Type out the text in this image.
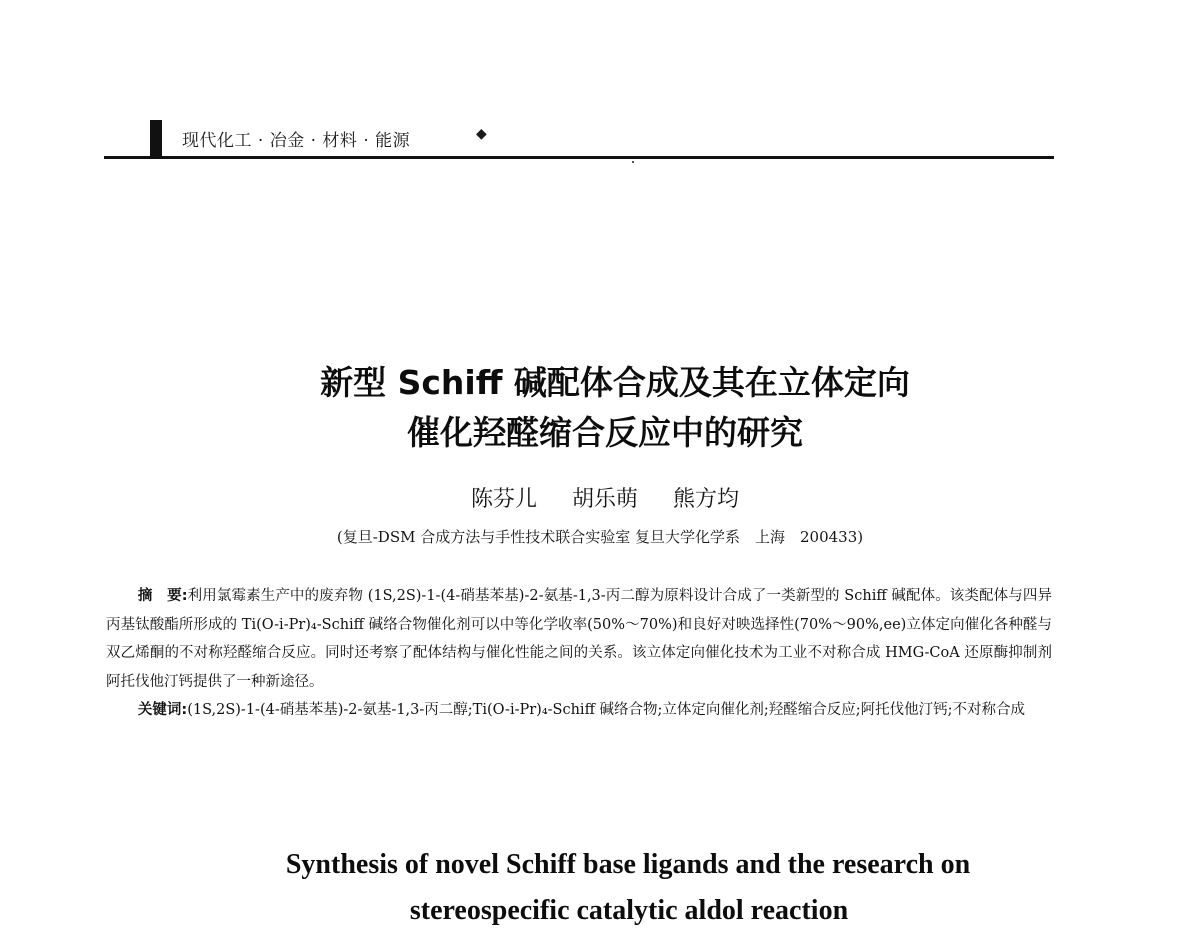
现代化工 · 冶金 · 材料 · 能源	◆
新型 Schiff 碱配体合成及其在立体定向
催化羟醛缩合反应中的研究
陈芬儿 胡乐萌 熊方均
(复旦-DSM 合成方法与手性技术联合实验室 复旦大学化学系　上海　200433)

摘　要:利用氯霉素生产中的废弃物 (1S,2S)-1-(4-硝基苯基)-2-氨基-1,3-丙二醇为原料设计合成了一类新型的 Schiff 碱配体。该类配体与四异丙基钛酸酯所形成的 Ti(O-i-Pr)₄-Schiff 碱络合物催化剂可以中等化学收率(50%～70%)和良好对映选择性(70%～90%,ee)立体定向催化各种醛与双乙烯酮的不对称羟醛缩合反应。同时还考察了配体结构与催化性能之间的关系。该立体定向催化技术为工业不对称合成 HMG-CoA 还原酶抑制剂阿托伐他汀钙提供了一种新途径。

关键词:(1S,2S)-1-(4-硝基苯基)-2-氨基-1,3-丙二醇;Ti(O-i-Pr)₄-Schiff 碱络合物;立体定向催化剂;羟醛缩合反应;阿托伐他汀钙;不对称合成

Synthesis of novel Schiff base ligands and the research on
stereospecific catalytic aldol reaction
